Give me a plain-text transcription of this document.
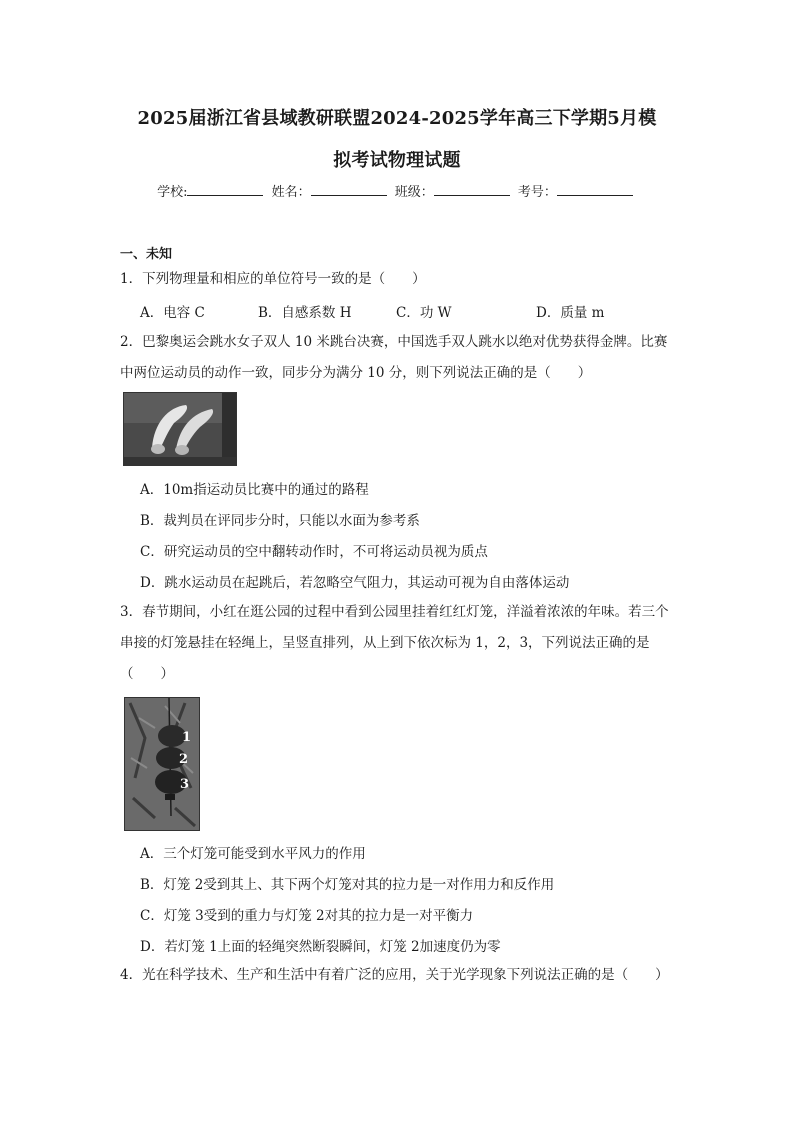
2025届浙江省县域教研联盟2024-2025学年高三下学期5月模
拟考试物理试题
学校:	姓名：	班级：	考号：
一、未知
1．下列物理量和相应的单位符号一致的是（　　）
A．电容 C	B．自感系数 H	C．功 W	D．质量 m
2．巴黎奥运会跳水女子双人 10 米跳台决赛，中国选手双人跳水以绝对优势获得金牌。比赛中两位运动员的动作一致，同步分为满分 10 分，则下列说法正确的是（　　）
A．10m指运动员比赛中的通过的路程
B．裁判员在评同步分时，只能以水面为参考系
C．研究运动员的空中翻转动作时，不可将运动员视为质点
D．跳水运动员在起跳后，若忽略空气阻力，其运动可视为自由落体运动
3．春节期间，小红在逛公园的过程中看到公园里挂着红红灯笼，洋溢着浓浓的年味。若三个串接的灯笼悬挂在轻绳上，呈竖直排列，从上到下依次标为 1，2，3，下列说法正确的是（　　）
1
2
3
A．三个灯笼可能受到水平风力的作用
B．灯笼 2受到其上、其下两个灯笼对其的拉力是一对作用力和反作用
C．灯笼 3受到的重力与灯笼 2对其的拉力是一对平衡力
D．若灯笼 1上面的轻绳突然断裂瞬间，灯笼 2加速度仍为零
4．光在科学技术、生产和生活中有着广泛的应用，关于光学现象下列说法正确的是（　　）
